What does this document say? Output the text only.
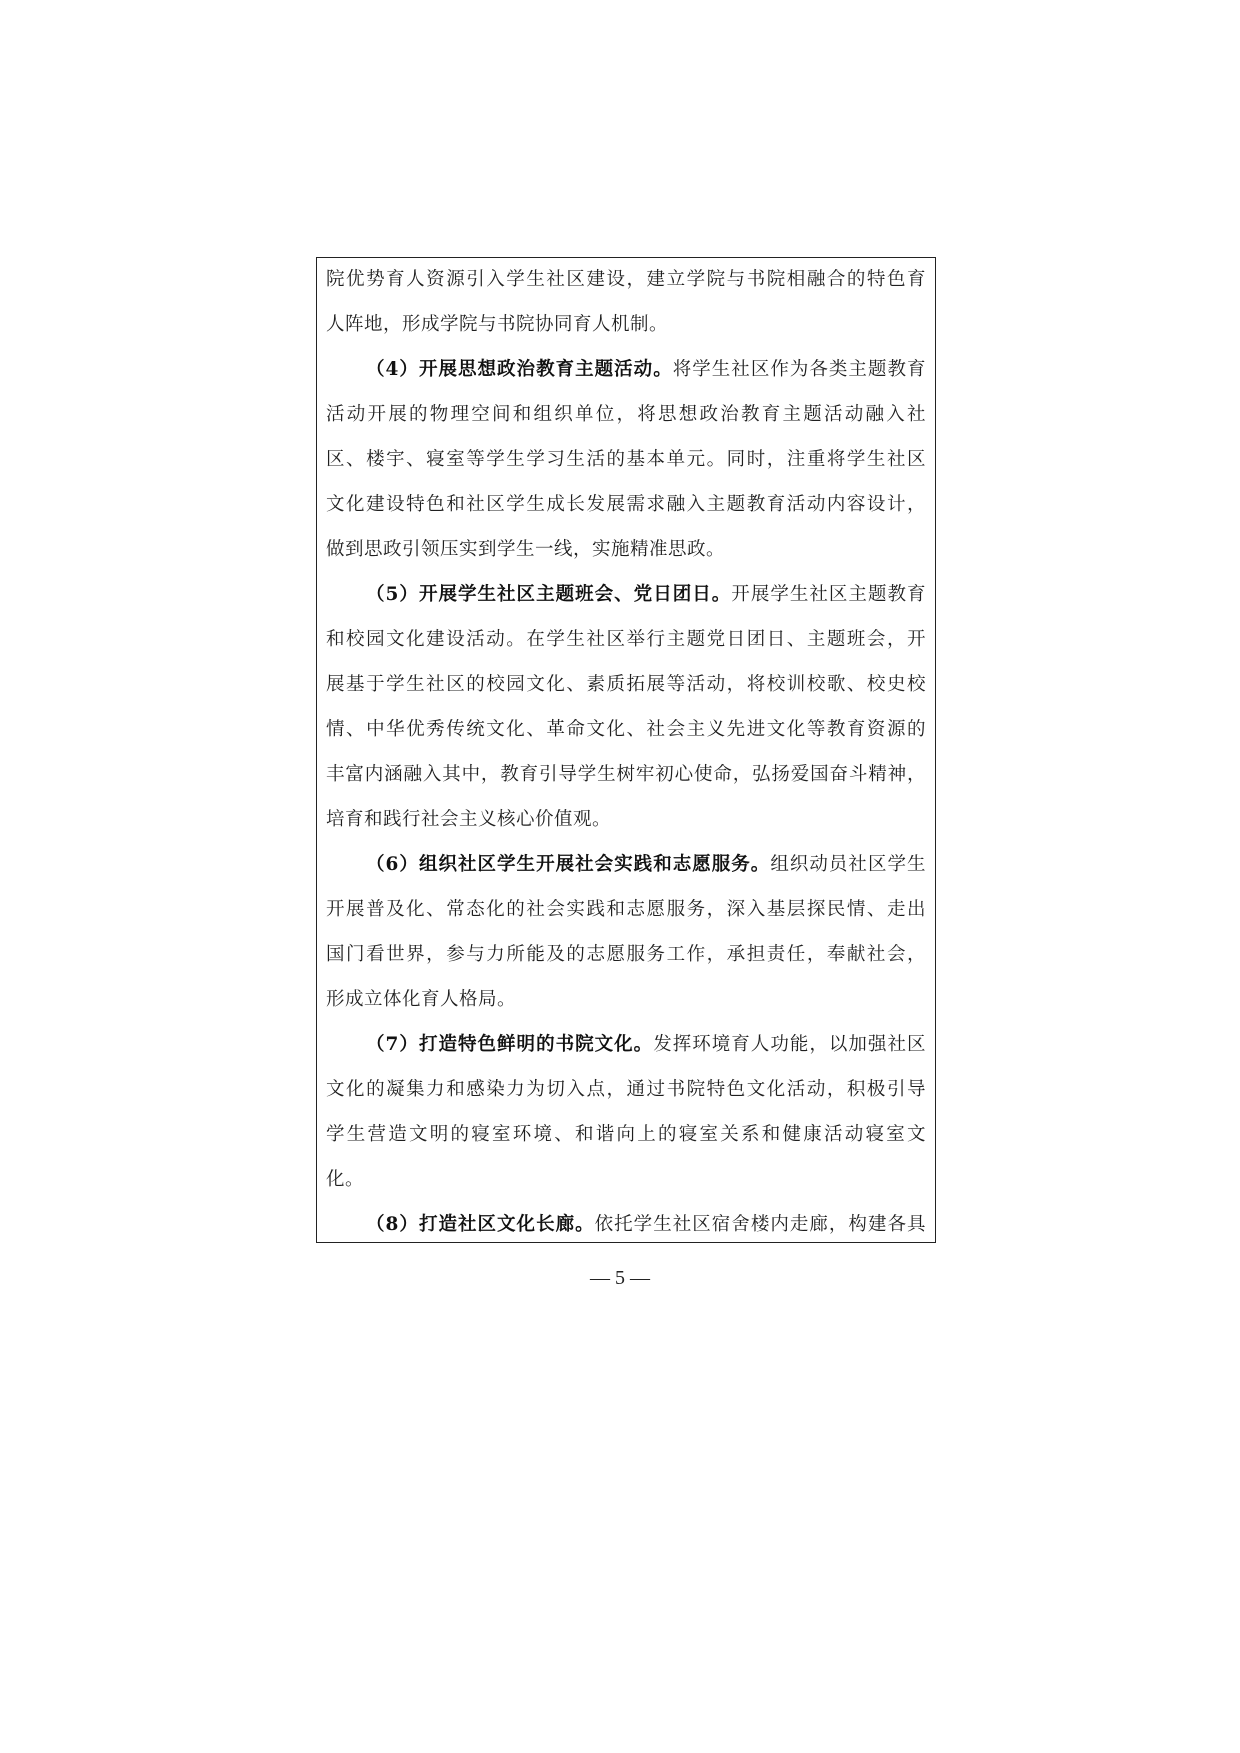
院优势育人资源引入学生社区建设，建立学院与书院相融合的特色育
人阵地，形成学院与书院协同育人机制。
（4）开展思想政治教育主题活动。将学生社区作为各类主题教育
活动开展的物理空间和组织单位，将思想政治教育主题活动融入社
区、楼宇、寝室等学生学习生活的基本单元。同时，注重将学生社区
文化建设特色和社区学生成长发展需求融入主题教育活动内容设计，
做到思政引领压实到学生一线，实施精准思政。
（5）开展学生社区主题班会、党日团日。开展学生社区主题教育
和校园文化建设活动。在学生社区举行主题党日团日、主题班会，开
展基于学生社区的校园文化、素质拓展等活动，将校训校歌、校史校
情、中华优秀传统文化、革命文化、社会主义先进文化等教育资源的
丰富内涵融入其中，教育引导学生树牢初心使命，弘扬爱国奋斗精神，
培育和践行社会主义核心价值观。
（6）组织社区学生开展社会实践和志愿服务。组织动员社区学生
开展普及化、常态化的社会实践和志愿服务，深入基层探民情、走出
国门看世界，参与力所能及的志愿服务工作，承担责任，奉献社会，
形成立体化育人格局。
（7）打造特色鲜明的书院文化。发挥环境育人功能，以加强社区
文化的凝集力和感染力为切入点，通过书院特色文化活动，积极引导
学生营造文明的寝室环境、和谐向上的寝室关系和健康活动寝室文
化。
（8）打造社区文化长廊。依托学生社区宿舍楼内走廊，构建各具
— 5 —
